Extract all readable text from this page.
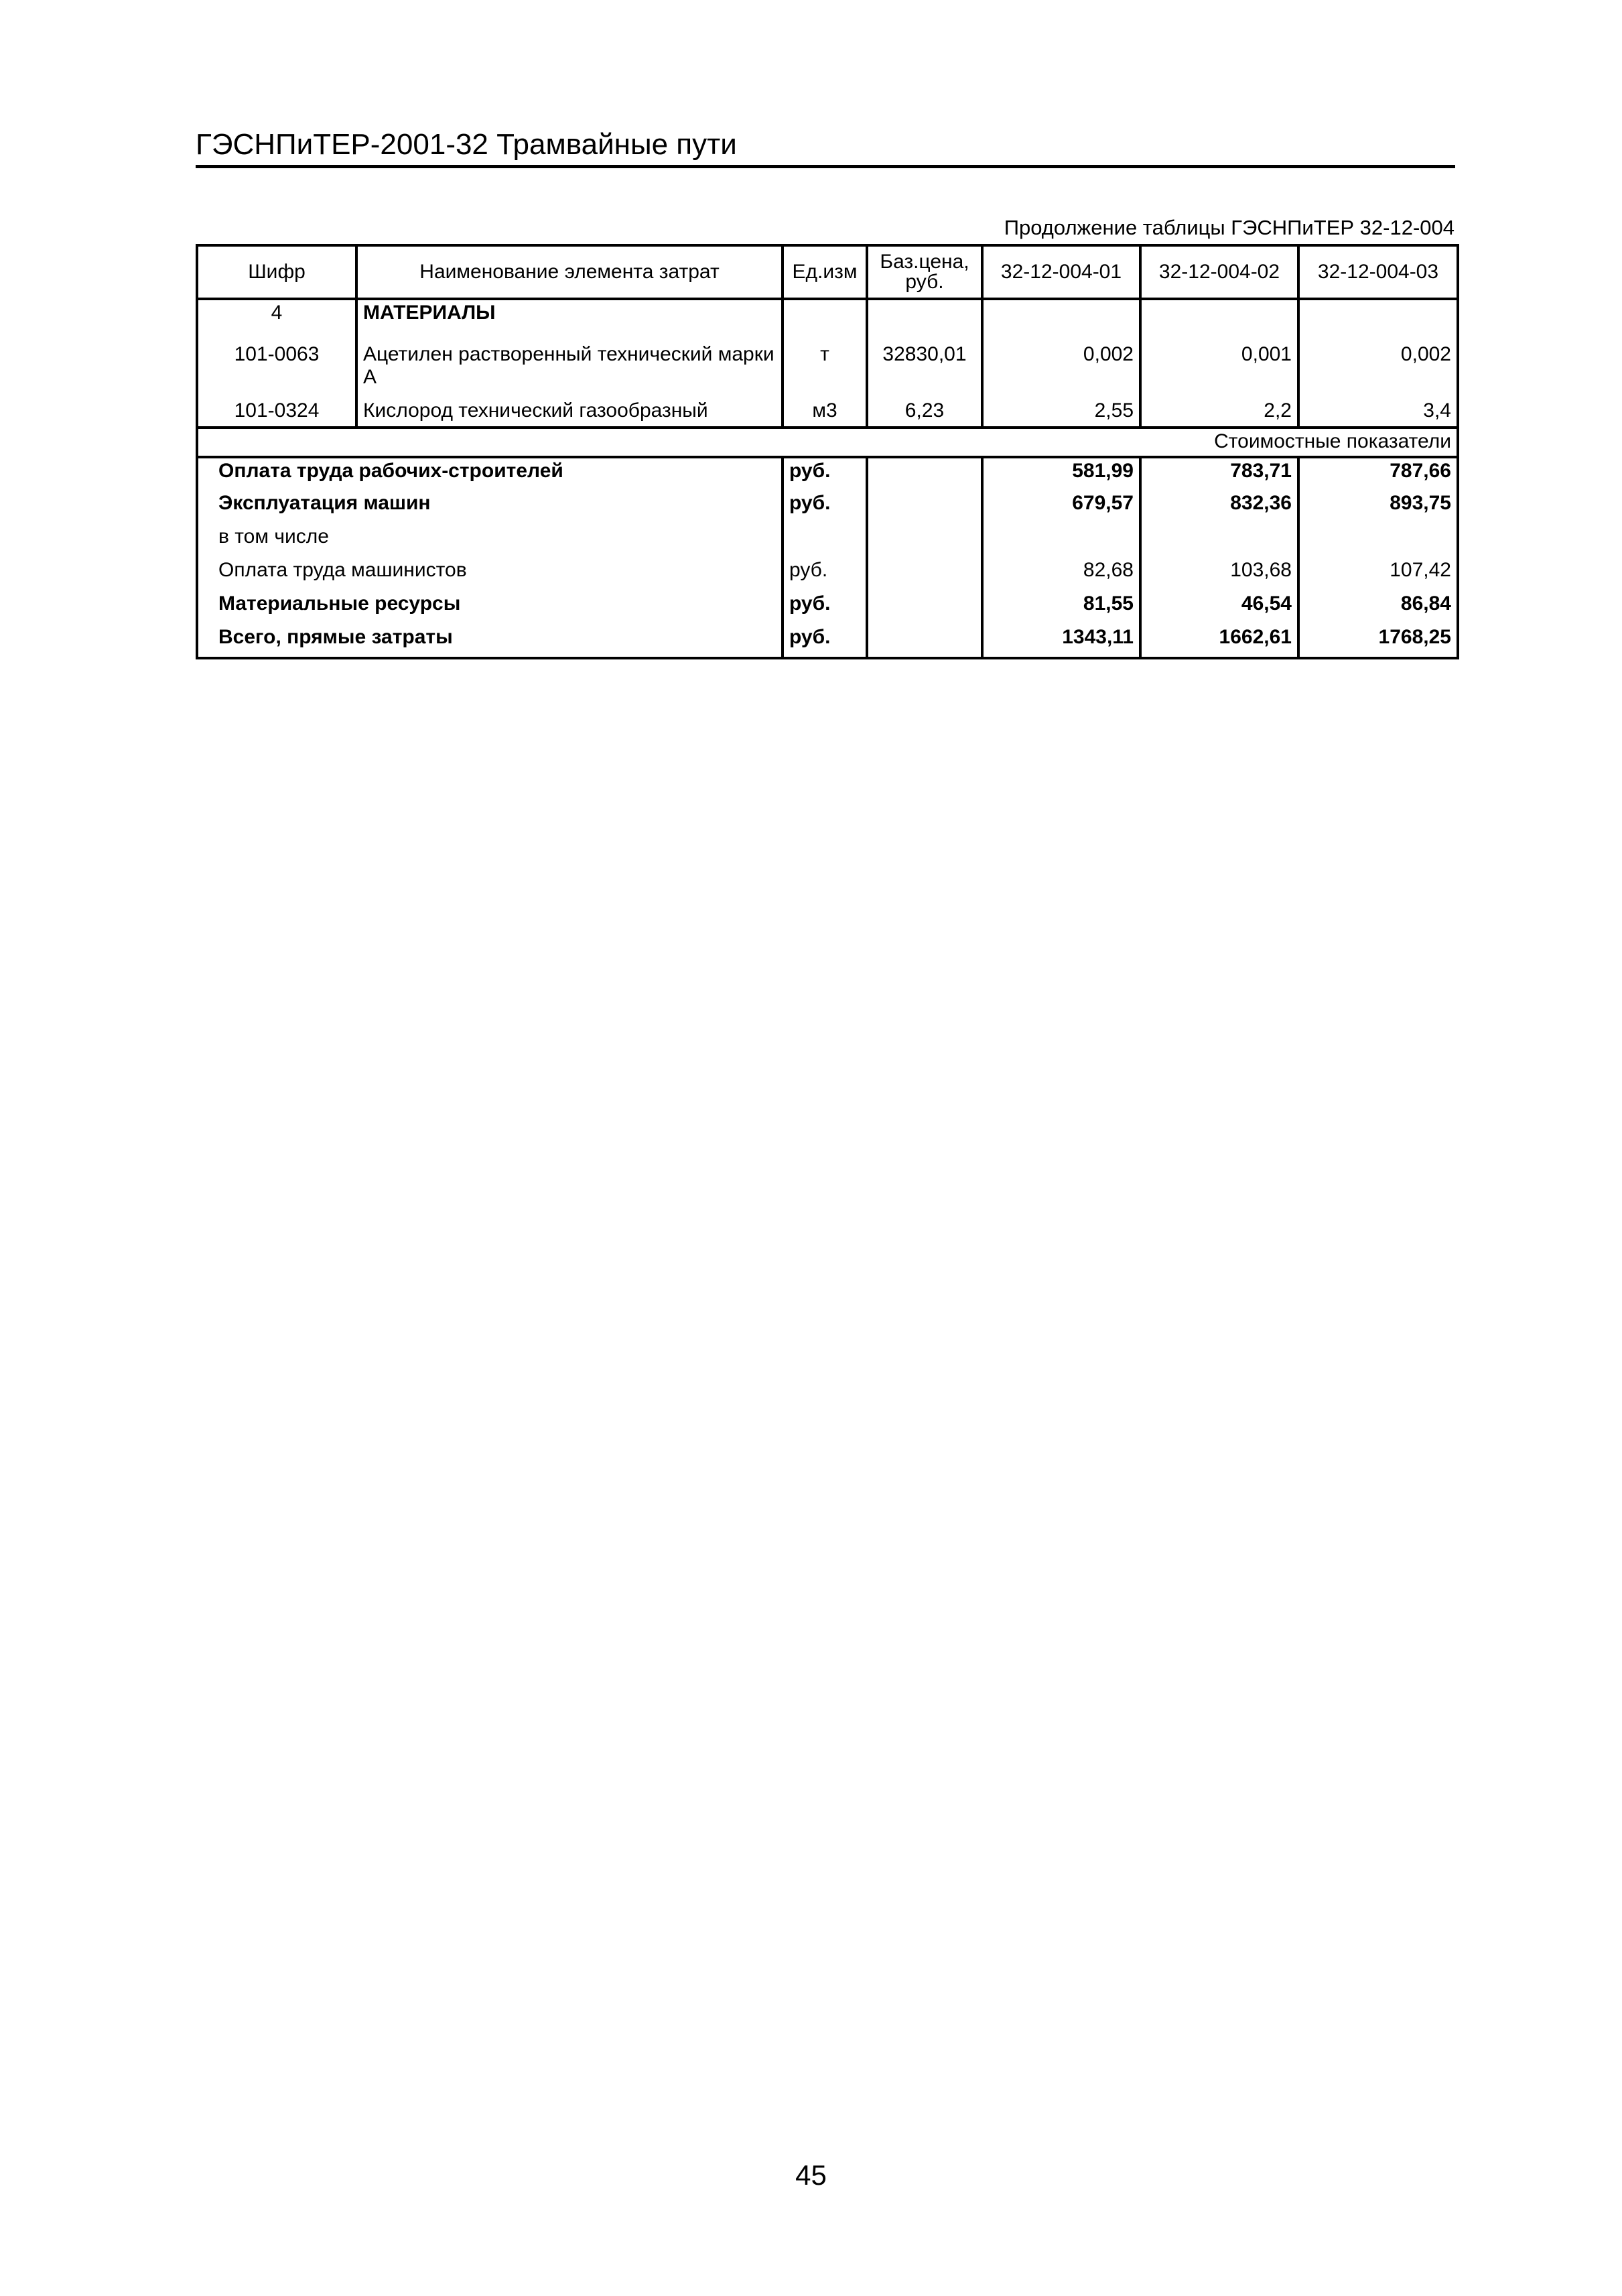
ГЭСНПиТЕР-2001-32 Трамвайные пути
Продолжение таблицы ГЭСНПиТЕР 32-12-004
Шифр	Наименование элемента затрат	Ед.изм	Баз.цена, руб.	32-12-004-01	32-12-004-02	32-12-004-03
4	МАТЕРИАЛЫ					
101-0063	Ацетилен растворенный технический марки А	т	32830,01	0,002	0,001	0,002
101-0324	Кислород технический газообразный	м3	6,23	2,55	2,2	3,4
Стоимостные показатели						
Оплата труда рабочих-строителей		руб.		581,99	783,71	787,66
Эксплуатация машин		руб.		679,57	832,36	893,75
в том числе						
Оплата труда машинистов		руб.		82,68	103,68	107,42
Материальные ресурсы		руб.		81,55	46,54	86,84
Всего, прямые затраты		руб.		1343,11	1662,61	1768,25
45
